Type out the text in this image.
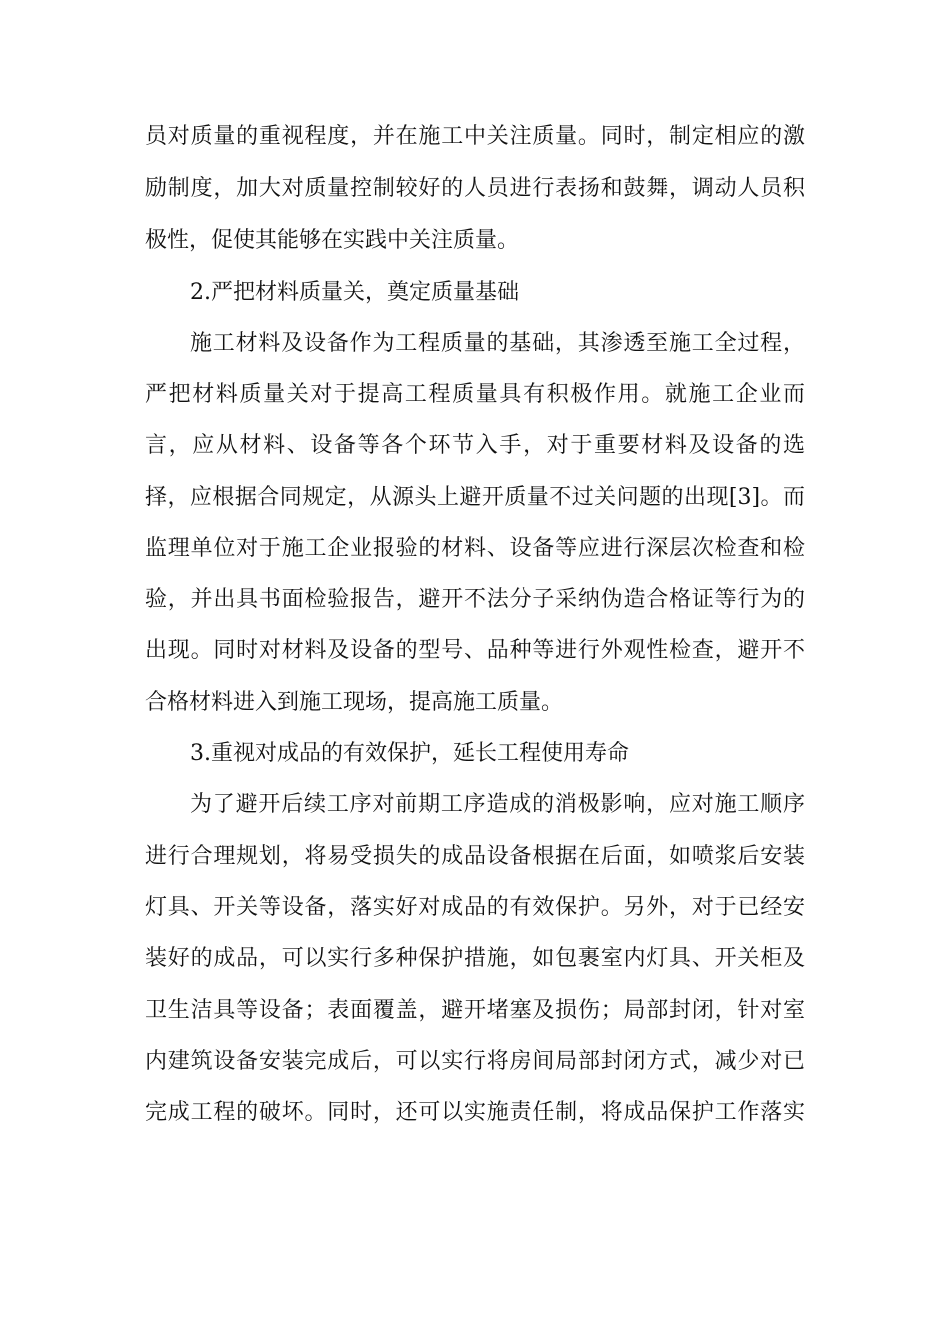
员对质量的重视程度，并在施工中关注质量。同时，制定相应的激
励制度，加大对质量控制较好的人员进行表扬和鼓舞，调动人员积
极性，促使其能够在实践中关注质量。
2.严把材料质量关，奠定质量基础
施工材料及设备作为工程质量的基础，其渗透至施工全过程，
严把材料质量关对于提高工程质量具有积极作用。就施工企业而
言，应从材料、设备等各个环节入手，对于重要材料及设备的选
择，应根据合同规定，从源头上避开质量不过关问题的出现[3]。而
监理单位对于施工企业报验的材料、设备等应进行深层次检查和检
验，并出具书面检验报告，避开不法分子采纳伪造合格证等行为的
出现。同时对材料及设备的型号、品种等进行外观性检查，避开不
合格材料进入到施工现场，提高施工质量。
3.重视对成品的有效保护，延长工程使用寿命
为了避开后续工序对前期工序造成的消极影响，应对施工顺序
进行合理规划，将易受损失的成品设备根据在后面，如喷浆后安装
灯具、开关等设备，落实好对成品的有效保护。另外，对于已经安
装好的成品，可以实行多种保护措施，如包裹室内灯具、开关柜及
卫生洁具等设备；表面覆盖，避开堵塞及损伤；局部封闭，针对室
内建筑设备安装完成后，可以实行将房间局部封闭方式，减少对已
完成工程的破坏。同时，还可以实施责任制，将成品保护工作落实
